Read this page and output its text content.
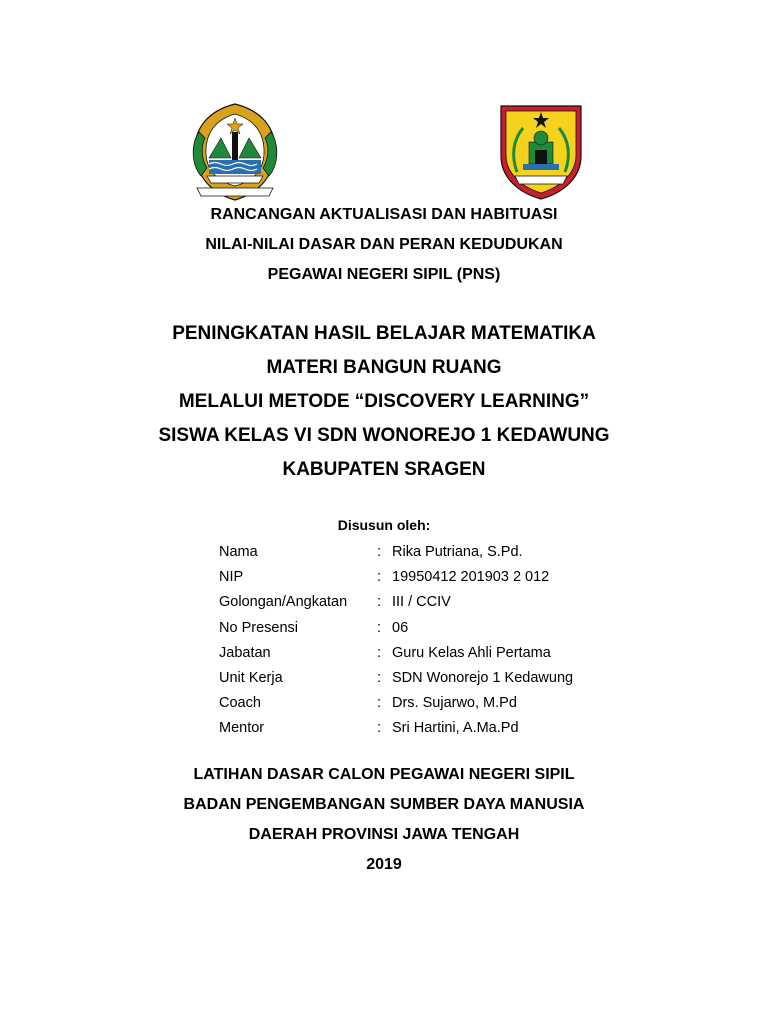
RANCANGAN AKTUALISASI DAN HABITUASI
NILAI-NILAI DASAR DAN PERAN KEDUDUKAN
PEGAWAI NEGERI SIPIL (PNS)
PENINGKATAN HASIL BELAJAR MATEMATIKA
MATERI BANGUN RUANG
MELALUI METODE “DISCOVERY LEARNING”
SISWA KELAS VI SDN WONOREJO 1 KEDAWUNG
KABUPATEN SRAGEN
Disusun oleh:
Nama	: Rika Putriana, S.Pd.
NIP	: 19950412 201903 2 012
Golongan/Angkatan : III / CCIV
No Presensi	: 06
Jabatan	: Guru Kelas Ahli Pertama
Unit Kerja	: SDN Wonorejo 1 Kedawung
Coach	: Drs. Sujarwo, M.Pd
Mentor	: Sri Hartini, A.Ma.Pd
LATIHAN DASAR CALON PEGAWAI NEGERI SIPIL
BADAN PENGEMBANGAN SUMBER DAYA MANUSIA
DAERAH PROVINSI JAWA TENGAH
2019
